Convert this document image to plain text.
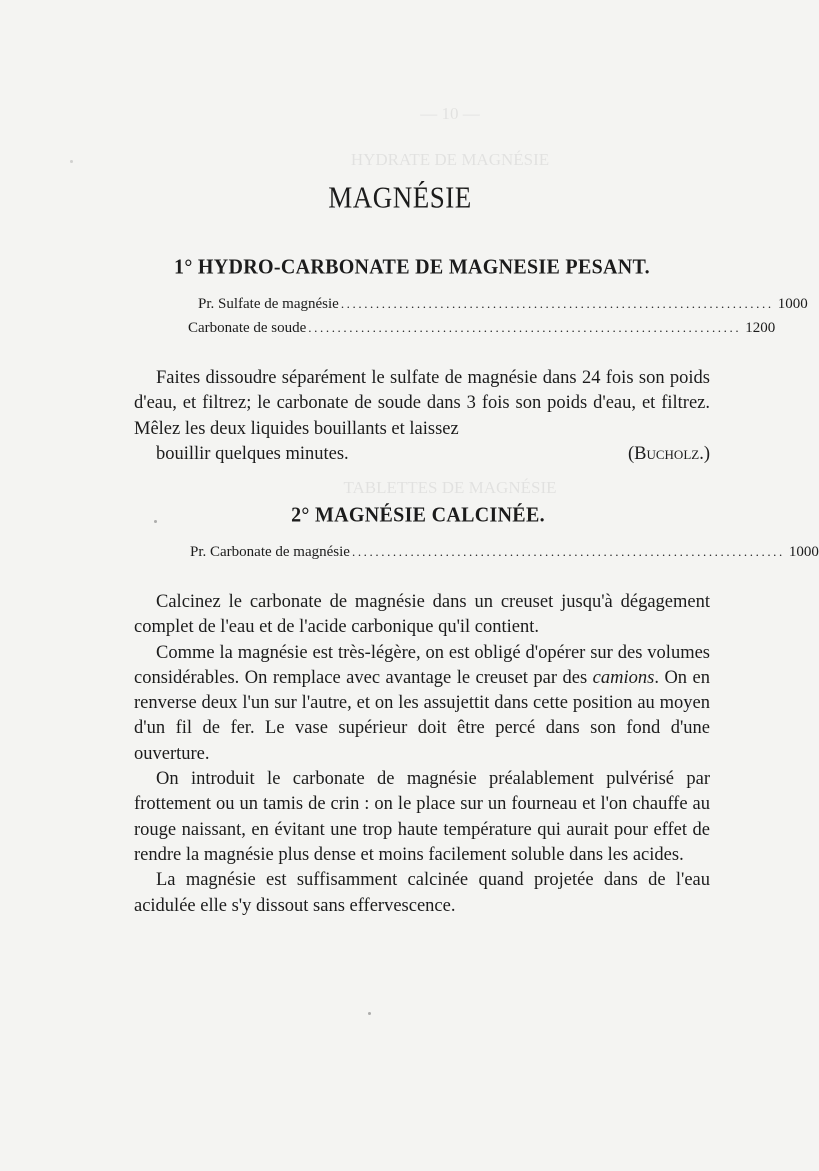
— 10 —
HYDRATE DE MAGNÉSIE
TABLETTES DE MAGNÉSIE
MAGNÉSIE
1° HYDRO-CARBONATE DE MAGNESIE PESANT.
Pr. Sulfate de magnésie .......................................................................... 1000
Carbonate de soude .......................................................................... 1200

Faites dissoudre séparément le sulfate de magnésie dans 24 fois son poids d'eau, et filtrez; le carbonate de soude dans 3 fois son poids d'eau, et filtrez. Mêlez les deux liquides bouillants et laissez

bouillir quelques minutes.	(Bucholz.)

2° MAGNÉSIE CALCINÉE.
Pr. Carbonate de magnésie .......................................................................... 1000

Calcinez le carbonate de magnésie dans un creuset jusqu'à dégagement complet de l'eau et de l'acide carbonique qu'il contient.

Comme la magnésie est très-légère, on est obligé d'opérer sur des volumes considérables. On remplace avec avantage le creuset par des camions. On en renverse deux l'un sur l'autre, et on les assujettit dans cette position au moyen d'un fil de fer. Le vase supérieur doit être percé dans son fond d'une ouverture.

On introduit le carbonate de magnésie préalablement pulvérisé par frottement ou un tamis de crin : on le place sur un fourneau et l'on chauffe au rouge naissant, en évitant une trop haute température qui aurait pour effet de rendre la magnésie plus dense et moins facilement soluble dans les acides.

La magnésie est suffisamment calcinée quand projetée dans de l'eau acidulée elle s'y dissout sans effervescence.
